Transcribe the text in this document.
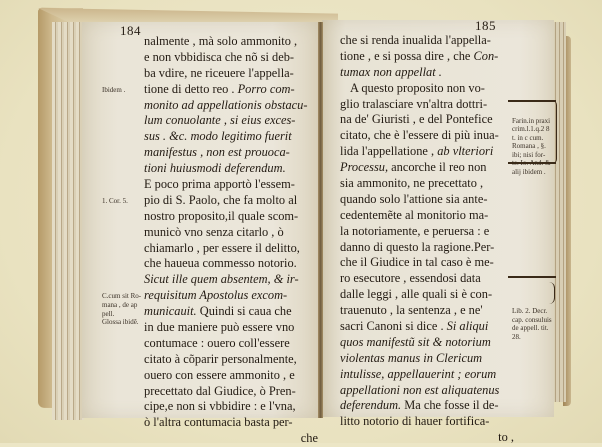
184	185
nalmente , mà solo ammonito ,
e non vbbidisca che nõ si deb-
ba vdire, ne riceuere l'appella-
tione di detto reo . Porro com-
monito ad appellationis obstacu-
lum conuolante , si eius exces-
sus . &c. modo legitimo fuerit
manifestus , non est prouoca-
tioni huiusmodi deferendum.
E poco prima apportò l'essem-
pio di S. Paolo, che fa molto al
nostro proposito,il quale scom-
municò vno senza citarlo , ò
chiamarlo , per essere il delitto,
che haueua commesso notorio.
Sicut ille quem absentem, & ir-
requisitum Apostolus excom-
municauit. Quindi si caua che
in due maniere può essere vno
contumace : ouero coll'essere
citato à cõparir personalmente,
ouero con essere ammonito , e
precettato dal Giudice, ò Pren-
cipe,e non si vbbidire : e l'vna,
ò l'altra contumacia basta per-
che
che si renda inualida l'appella-
tione , e si possa dire , che Con-
tumax non appellat .
A questo proposito non vo-
glio tralasciare vn'altra dottri-
na de' Giuristi , e del Pontefice
citato, che è l'essere di più inua-
lida l'appellatione , ab vlteriori
Processu, ancorche il reo non
sia ammonito, ne precettato ,
quando solo l'attione sia ante-
cedentemẽte al monitorio ma-
la notoriamente, e peruersa : e
danno di questo la ragione.Per-
che il Giudice in tal caso è me-
ro esecutore , essendosi data
dalle leggi , alle quali si è con-
trauenuto , la sentenza , e ne'
sacri Canoni si dice . Si aliqui
quos manifestũ sit & notorium
violentas manus in Clericum
intulisse, appellauerint ; eorum
appellationi non est aliquatenus
deferendum. Ma che fosse il de-
litto notorio di hauer fortifica-
to ,
Ibidem .
1. Cor. 5.
C.cum sit Ro-
mana , de ap
pell.
Glossa ibidẽ.
Farin.in praxi
crim.l.1.q.2 8
t. in c cum.
Romana , §.
ibi; nisi for-
alij ibidem .
Lib. 2. Decr.
cap. consuluis
de appell. tit.
28.
